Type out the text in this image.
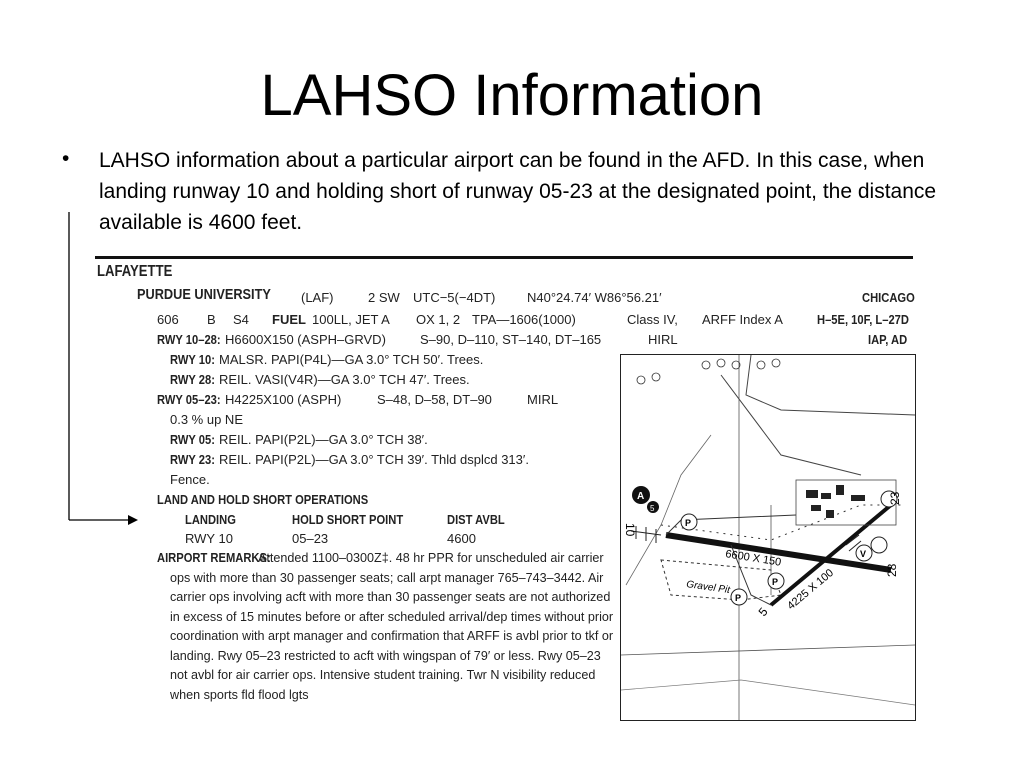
LAHSO Information
• LAHSO information about a particular airport can be found in the AFD. In this case, when landing runway 10 and holding short of runway 05-23 at the designated point, the distance available is 4600 feet.
LAFAYETTE
PURDUE UNIVERSITY (LAF)	2 SW UTC−5(−4DT) N40°24.74′ W86°56.21′	CHICAGO
606 B S4 FUEL 100LL, JET A OX 1, 2 TPA—1606(1000)	Class IV, ARFF Index A	H–5E, 10F, L–27D
RWY 10–28: H6600X150 (ASPH–GRVD)	S–90, D–110, ST–140, DT–165	HIRL	IAP, AD
RWY 10: MALSR. PAPI(P4L)—GA 3.0° TCH 50′. Trees.
RWY 28: REIL. VASI(V4R)—GA 3.0° TCH 47′. Trees.
RWY 05–23: H4225X100 (ASPH)	S–48, D–58, DT–90	MIRL
0.3 % up NE
RWY 05: REIL. PAPI(P2L)—GA 3.0° TCH 38′.
RWY 23: REIL. PAPI(P2L)—GA 3.0° TCH 39′. Thld dsplcd 313′.
Fence.
LAND AND HOLD SHORT OPERATIONS
LANDING	HOLD SHORT POINT	DIST AVBL
RWY 10	05–23	4600
AIRPORT REMARKS:
Attended 1100–0300Z‡. 48 hr PPR for unscheduled air carrier ops with more than 30 passenger seats; call arpt manager 765–743–3442. Air carrier ops involving acft with more than 30 passenger seats are not authorized in excess of 15 minutes before or after scheduled arrival/dep times without prior coordination with arpt manager and confirmation that ARFF is avbl prior to tkf or landing. Rwy 05–23 restricted to acft with wingspan of 79′ or less. Rwy 05–23 not avbl for air carrier ops. Intensive student training. Twr N visibility reduced when sports fld flood lgts
Gravel Pit
A
5
P
P
P
V
6600 X 150
4225 X 100
10
28
5
23
